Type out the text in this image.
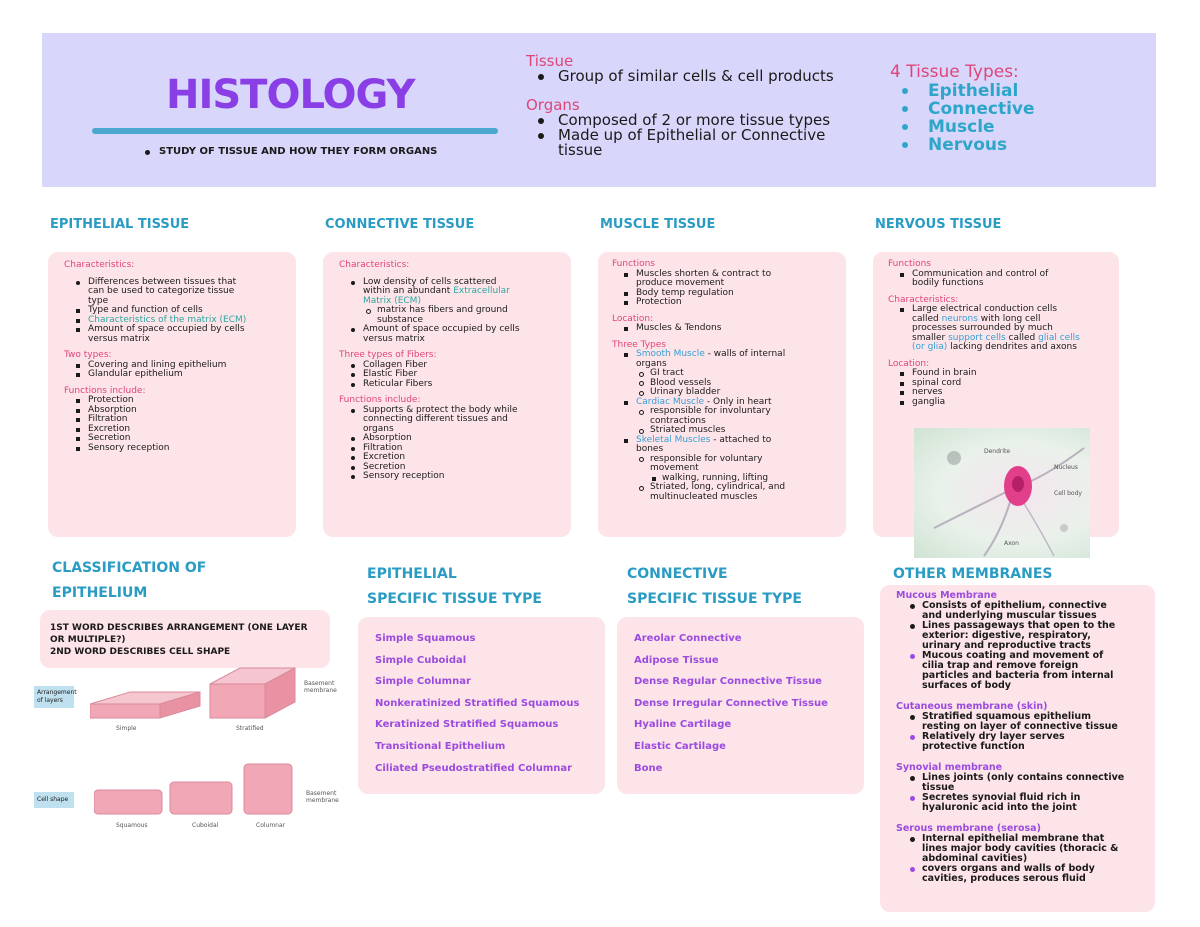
HISTOLOGY
STUDY OF TISSUE AND HOW THEY FORM ORGANS
Tissue
Group of similar cells & cell products
Organs
Composed of 2 or more tissue types
Made up of Epithelial or Connective
tissue
4 Tissue Types:
Epithelial
Connective
Muscle
Nervous
EPITHELIAL TISSUE	CONNECTIVE TISSUE	MUSCLE TISSUE	NERVOUS TISSUE
Characteristics:
Differences between tissues that
can be used to categorize tissue
type
Type and function of cells
Characteristics of the matrix (ECM)
Amount of space occupied by cells
versus matrix
Two types:
Covering and lining epithelium
Glandular epithelium
Functions include:
Protection
Absorption
Filtration
Excretion
Secretion
Sensory reception
Characteristics:
Low density of cells scattered
within an abundant Extracellular
Matrix (ECM)
matrix has fibers and ground
substance
Amount of space occupied by cells
versus matrix
Three types of Fibers:
Collagen Fiber
Elastic Fiber
Reticular Fibers
Functions include:
Supports & protect the body while
connecting different tissues and
organs
Absorption
Filtration
Excretion
Secretion
Sensory reception
Functions
Muscles shorten & contract to
produce movement
Body temp regulation
Protection
Location:
Muscles & Tendons
Three Types
Smooth Muscle - walls of internal
organs
GI tract
Blood vessels
Urinary bladder
Cardiac Muscle - Only in heart
responsible for involuntary
contractions
Striated muscles
Skeletal Muscles - attached to
bones
responsible for voluntary
movement
walking, running, lifting
Striated, long, cylindrical, and
multinucleated muscles
Functions
Communication and control of
bodily functions
Characteristics:
Large electrical conduction cells
called neurons with long cell
processes surrounded by much
smaller support cells called glial cells
(or glia) lacking dendrites and axons
Location:
Found in brain
spinal cord
nerves
ganglia
Dendrite
Nucleus
Cell body
Axon
CLASSIFICATION OF
EPITHELIUM
1ST WORD DESCRIBES ARRANGEMENT (ONE LAYER
OR MULTIPLE?)
2ND WORD DESCRIBES CELL SHAPE
Arrangement of layers
Simple	Stratified
Basement membrane
Cell shape
Squamous	Cuboidal	Columnar
Basement membrane
EPITHELIAL
SPECIFIC TISSUE TYPE
Simple Squamous
Simple Cuboidal
Simple Columnar
Nonkeratinized Stratified Squamous
Keratinized Stratified Squamous
Transitional Epithelium
Ciliated Pseudostratified Columnar
CONNECTIVE
SPECIFIC TISSUE TYPE
Areolar Connective
Adipose Tissue
Dense Regular Connective Tissue
Dense Irregular Connective Tissue
Hyaline Cartilage
Elastic Cartilage
Bone
OTHER MEMBRANES
Mucous Membrane
Consists of epithelium, connective
and underlying muscular tissues
Lines passageways that open to the
exterior: digestive, respiratory,
urinary and reproductive tracts
Mucous coating and movement of
cilia trap and remove foreign
particles and bacteria from internal
surfaces of body
Cutaneous membrane (skin)
Stratified squamous epithelium
resting on layer of connective tissue
Relatively dry layer serves
protective function
Synovial membrane
Lines joints (only contains connective
tissue
Secretes synovial fluid rich in
hyaluronic acid into the joint
Serous membrane (serosa)
Internal epithelial membrane that
lines major body cavities (thoracic &
abdominal cavities)
covers organs and walls of body
cavities, produces serous fluid
